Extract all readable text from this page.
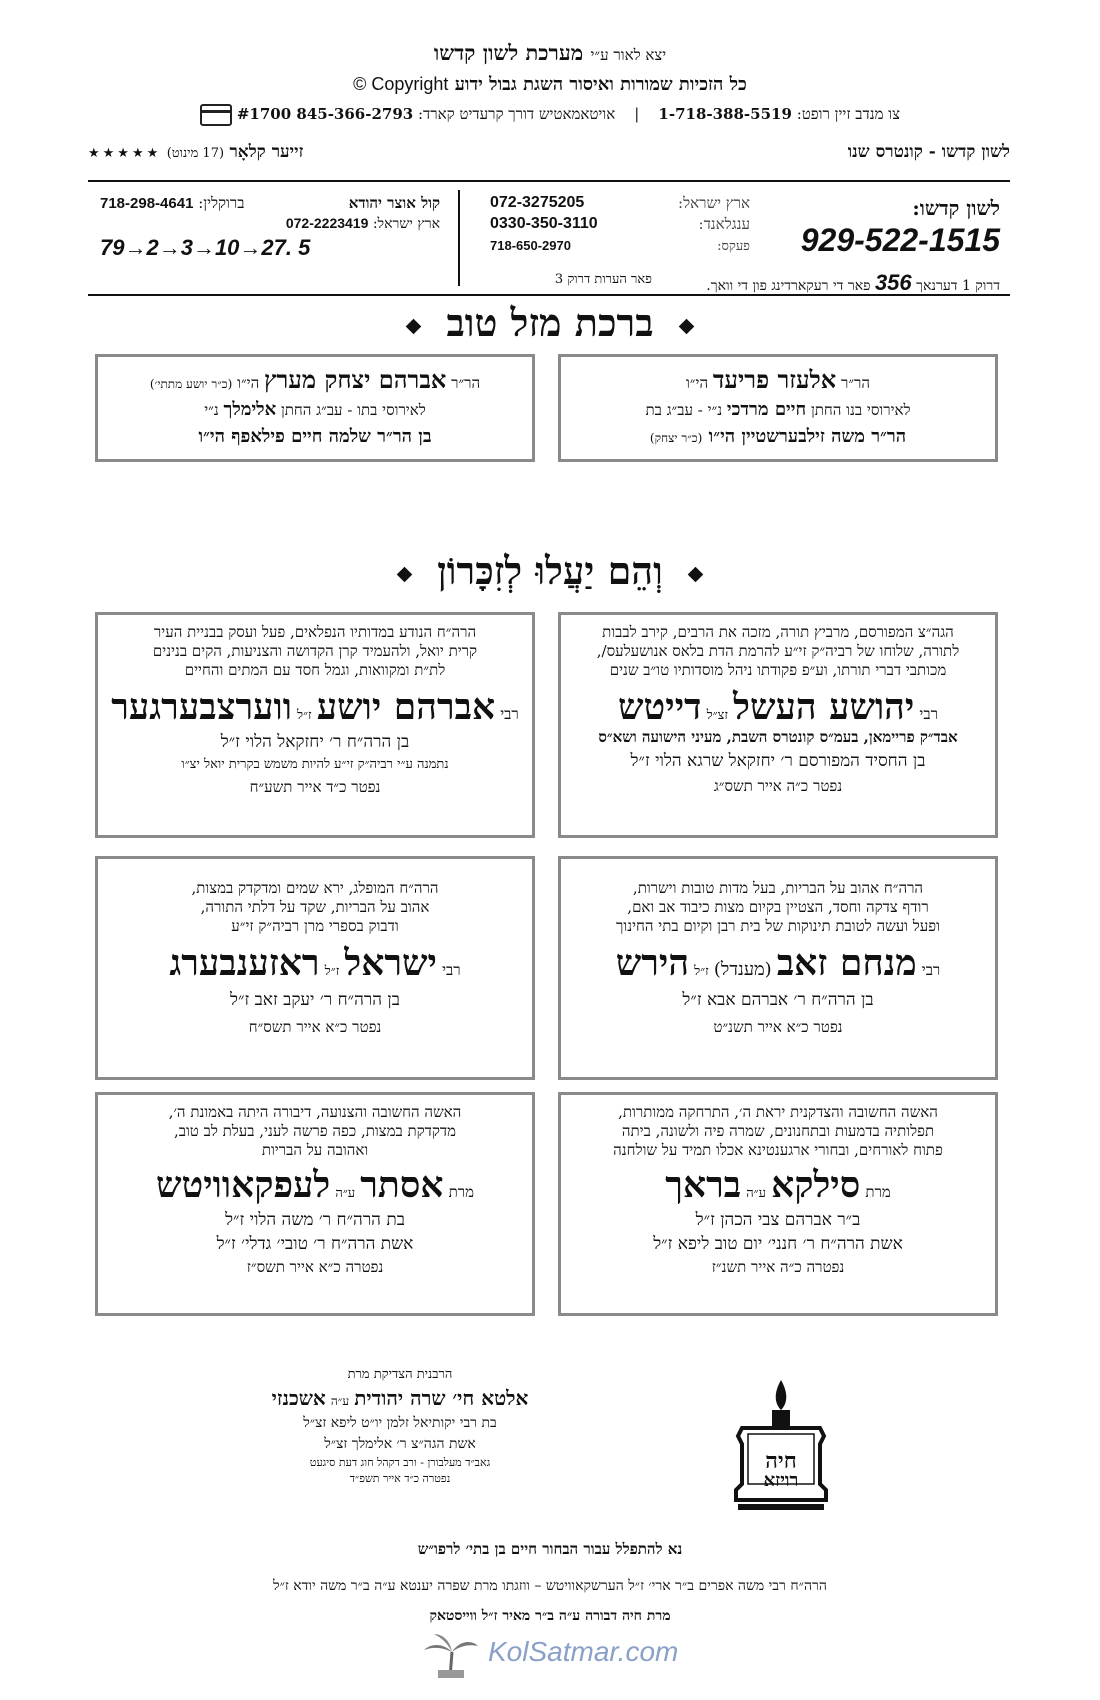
יצא לאור ע״י מערכת לשון קדשו
כל הזכיות שמורות ואיסור השגת גבול ידוע Copyright ©
צו מנדב זיין רופט: 1-718-388-5519    |    אויטאמאטיש דורך קרעדיט קארד: 845-366-2793 #1700
לשון קדשו - קונטרס שנו
זייער קלאָר (17 מינוט) ★★★★★
לשון קדשו:
929-522-1515
דרוק 1 דערנאך 356 פאר די רעקארדינג פון די וואך.
ארץ ישראל:
072-3275205
ענגלאנד:
0330-350-3110
פעקס:
718-650-2970
פאר הערות דרוק 3
קול אוצר יהודא
ברוקלין: 718-298-4641
ארץ ישראל: 072-2223419
79→2→3→10→27. 5
ברכת מזל טוב
הר״ר אלעזר פריעד הי״ו
לאירוסי בנו החתן חיים מרדכי נ״י - עב״ג בת
הר״ר משה זילבערשטיין הי״ו (כ״ר יצחק)
הר״ר אברהם יצחק מערץ הי״ו (כ״ר יושע מתתי׳)
לאירוסי בתו - עב״ג החתן אלימלך נ״י
בן הר״ר שלמה חיים פילאפף הי״ו
וְהֵם יַעֲלוּ לְזִכָּרוֹן
הגה״צ המפורסם, מרביץ תורה, מזכה את הרבים, קירב לבבות
לתורה, שלוחו של רביה״ק זי״ע להרמת הדת בלאס אנושעלעס/,
מכותבי דברי תורתו, וע״פ פקודתו ניהל מוסדותיו טו״ב שנים
רבי יהושע העשל זצ״ל דייטש
אבד״ק פריימאן, בעמ״ס קונטרס השבת, מעיני הישועה ושא״ס
בן החסיד המפורסם ר׳ יחזקאל שרגא הלוי ז״ל
נפטר כ״ה אייר תשס״ג
הרה״ח הנודע במדותיו הנפלאים, פעל ועסק בבניית העיר
קרית יואל, ולהעמיד קרן הקדושה והצניעות, הקים בנינים
לת״ת ומקוואות, וגמל חסד עם המתים והחיים
רבי אברהם יושע ז״ל ווערצבערגער
בן הרה״ח ר׳ יחזקאל הלוי ז״ל
נתמנה ע״י רביה״ק זי״ע להיות משמש בקרית יואל יצ״ו
נפטר כ״ד אייר תשע״ח
הרה״ח אהוב על הבריות, בעל מדות טובות וישרות,
רודף צדקה וחסד, הצטיין בקיום מצות כיבוד אב ואם,
ופעל ועשה לטובת תינוקות של בית רבן וקיום בתי החינוך
רבי מנחם זאב (מענדל) ז״ל הירש
בן הרה״ח ר׳ אברהם אבא ז״ל
נפטר כ״א אייר תשנ״ט
הרה״ח המופלג, ירא שמים ומדקדק במצות,
אהוב על הבריות, שקד על דלתי התורה,
ודבוק בספרי מרן רביה״ק זי״ע
רבי ישראל ז״ל ראזענבערג
בן הרה״ח ר׳ יעקב זאב ז״ל
נפטר כ״א אייר תשס״ח
האשה החשובה והצדקנית יראת ה׳, התרחקה ממותרות,
תפלותיה בדמעות ובתחנונים, שמרה פיה ולשונה, ביתה
פתוח לאורחים, ובחורי ארגענטינא אכלו תמיד על שולחנה
מרת סילקא ע״ה בראך
ב״ר אברהם צבי הכהן ז״ל
אשת הרה״ח ר׳ חנני׳ יום טוב ליפא ז״ל
נפטרה כ״ה אייר תשנ״ז
האשה החשובה והצנועה, דיבורה היתה באמונת ה׳,
מדקדקת במצות, כפה פרשה לעני, בעלת לב טוב,
ואהובה על הבריות
מרת אסתר ע״ה לעפקאוויטש
בת הרה״ח ר׳ משה הלוי ז״ל
אשת הרה״ח ר׳ טובי׳ גדלי׳ ז״ל
נפטרה כ״א אייר תשס״ז
הרבנית הצדיקת מרת
אלטא חי׳ שרה יהודית ע״ה אשכנזי
בת רבי יקותיאל זלמן יו״ט ליפא זצ״ל
אשת הגה״צ ר׳ אלימלך זצ״ל
גאב״ד מעלבורן - ורב דקהל חוג דעת סיגעט
נפטרה כ״ד אייר תשפ״ד
חיה
רויזא
נא להתפלל עבור הבחור חיים בן בתי׳ לרפו״ש
הרה״ח רבי משה אפרים ב״ר ארי׳ ז״ל הערשקאוויטש – ווזגתו מרת שפרה יענטא ע״ה ב״ר משה יודא ז״ל
מרת חיה דבורה ע״ה ב״ר מאיר ז״ל ווייסטאק
KolSatmar.com
